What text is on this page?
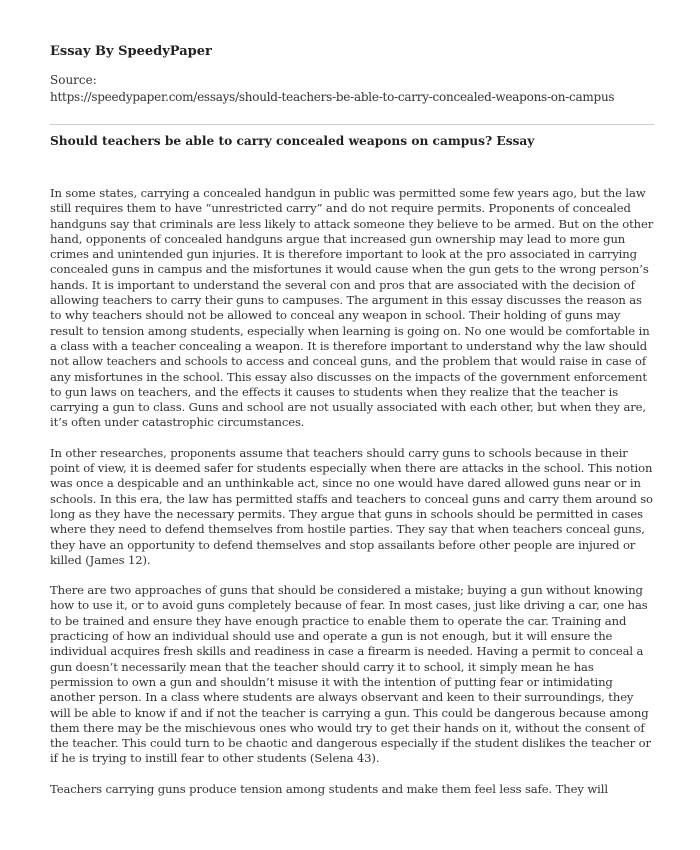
Essay By SpeedyPaper
Source:
https://speedypaper.com/essays/should-teachers-be-able-to-carry-concealed-weapons-on-campus
Should teachers be able to carry concealed weapons on campus? Essay

In some states, carrying a concealed handgun in public was permitted some few years ago, but the law still requires them to have “unrestricted carry” and do not require permits. Proponents of concealed handguns say that criminals are less likely to attack someone they believe to be armed. But on the other hand, opponents of concealed handguns argue that increased gun ownership may lead to more gun crimes and unintended gun injuries. It is therefore important to look at the pro associated in carrying concealed guns in campus and the misfortunes it would cause when the gun gets to the wrong person’s hands. It is important to understand the several con and pros that are associated with the decision of allowing teachers to carry their guns to campuses. The argument in this essay discusses the reason as to why teachers should not be allowed to conceal any weapon in school. Their holding of guns may result to tension among students, especially when learning is going on. No one would be comfortable in a class with a teacher concealing a weapon. It is therefore important to understand why the law should not allow teachers and schools to access and conceal guns, and the problem that would raise in case of any misfortunes in the school. This essay also discusses on the impacts of the government enforcement to gun laws on teachers, and the effects it causes to students when they realize that the teacher is carrying a gun to class. Guns and school are not usually associated with each other, but when they are, it’s often under catastrophic circumstances.

In other researches, proponents assume that teachers should carry guns to schools because in their point of view, it is deemed safer for students especially when there are attacks in the school. This notion was once a despicable and an unthinkable act, since no one would have dared allowed guns near or in schools. In this era, the law has permitted staffs and teachers to conceal guns and carry them around so long as they have the necessary permits. They argue that guns in schools should be permitted in cases where they need to defend themselves from hostile parties. They say that when teachers conceal guns, they have an opportunity to defend themselves and stop assailants before other people are injured or killed (James 12).

There are two approaches of guns that should be considered a mistake; buying a gun without knowing how to use it, or to avoid guns completely because of fear. In most cases, just like driving a car, one has to be trained and ensure they have enough practice to enable them to operate the car. Training and practicing of how an individual should use and operate a gun is not enough, but it will ensure the individual acquires fresh skills and readiness in case a firearm is needed. Having a permit to conceal a gun doesn’t necessarily mean that the teacher should carry it to school, it simply mean he has permission to own a gun and shouldn’t misuse it with the intention of putting fear or intimidating another person. In a class where students are always observant and keen to their surroundings, they will be able to know if and if not the teacher is carrying a gun. This could be dangerous because among them there may be the mischievous ones who would try to get their hands on it, without the consent of the teacher. This could turn to be chaotic and dangerous especially if the student dislikes the teacher or if he is trying to instill fear to other students (Selena 43).

Teachers carrying guns produce tension among students and make them feel less safe. They will
